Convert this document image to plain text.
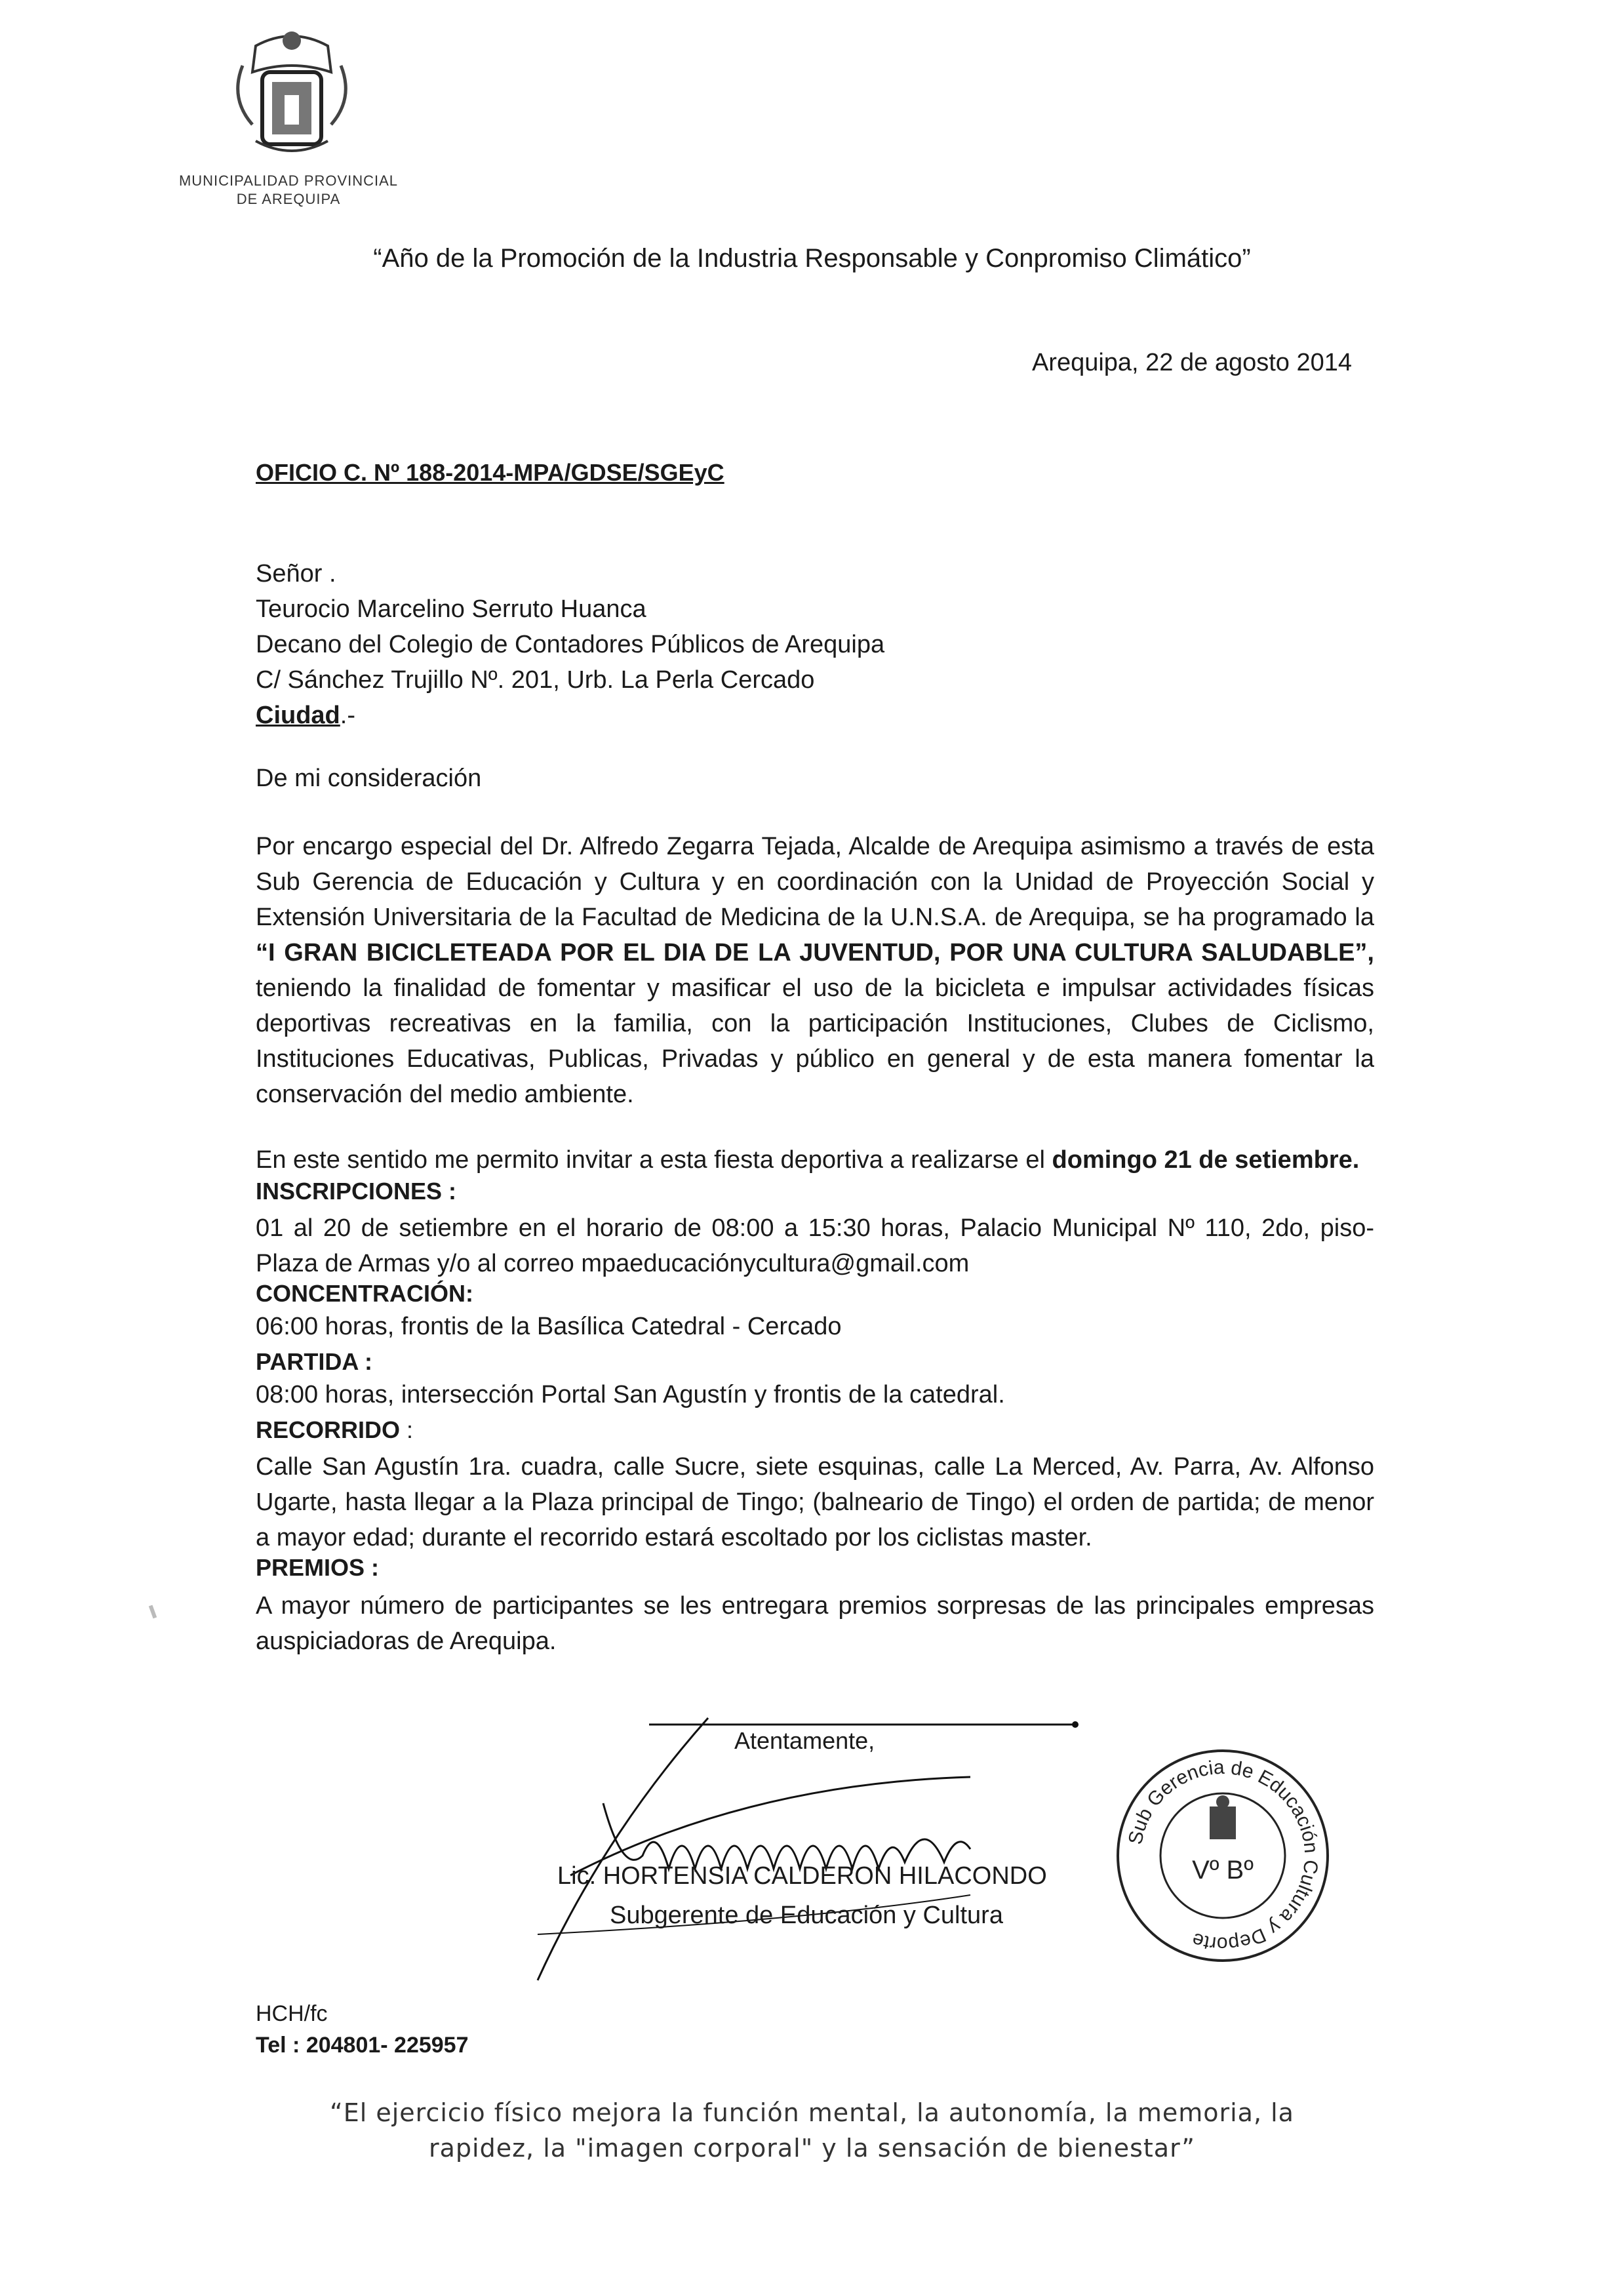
MUNICIPALIDAD PROVINCIAL
DE AREQUIPA
“Año de la Promoción de la Industria Responsable y Conpromiso Climático”
Arequipa, 22 de agosto 2014
OFICIO C. Nº 188-2014-MPA/GDSE/SGEyC
Señor .
Teurocio Marcelino Serruto Huanca
Decano del Colegio de Contadores Públicos de Arequipa
C/ Sánchez Trujillo Nº. 201, Urb. La Perla Cercado
Ciudad.-
De mi consideración
Por encargo especial del Dr. Alfredo Zegarra Tejada, Alcalde de Arequipa asimismo a través de esta Sub Gerencia de Educación y Cultura y en coordinación con la Unidad de Proyección Social y Extensión Universitaria de la Facultad de Medicina de la U.N.S.A. de Arequipa, se ha programado la “I GRAN BICICLETEADA POR EL DIA DE LA JUVENTUD, POR UNA CULTURA SALUDABLE”, teniendo la finalidad de fomentar y masificar el uso de la bicicleta e impulsar actividades físicas deportivas recreativas en la familia, con la participación Instituciones, Clubes de Ciclismo, Instituciones Educativas, Publicas, Privadas y público en general y de esta manera fomentar la conservación del medio ambiente.
En este sentido me permito invitar a esta fiesta deportiva a realizarse el domingo 21 de setiembre.
INSCRIPCIONES :
01 al 20 de setiembre en el horario de 08:00 a 15:30 horas, Palacio Municipal Nº 110, 2do, piso- Plaza de Armas y/o al correo mpaeducaciónycultura@gmail.com
CONCENTRACIÓN:
06:00 horas, frontis de la Basílica Catedral - Cercado
PARTIDA :
08:00 horas, intersección Portal San Agustín y frontis de la catedral.
RECORRIDO :
Calle San Agustín 1ra. cuadra, calle Sucre, siete esquinas, calle La Merced, Av. Parra, Av. Alfonso Ugarte, hasta llegar a la Plaza principal de Tingo; (balneario de Tingo) el orden de partida; de menor a mayor edad; durante el recorrido estará escoltado por los ciclistas master.
PREMIOS :
A mayor número de participantes se les entregara premios sorpresas de las principales empresas auspiciadoras de Arequipa.
Atentamente,
Lic. HORTENSIA CALDERON HILACONDO
Subgerente de Educación y Cultura
Sub Gerencia de Educación Cultura y Deporte
Vº Bº
HCH/fc
Tel : 204801- 225957
“El ejercicio físico mejora la función mental, la autonomía, la memoria, la
rapidez, la "imagen corporal" y la sensación de bienestar”
